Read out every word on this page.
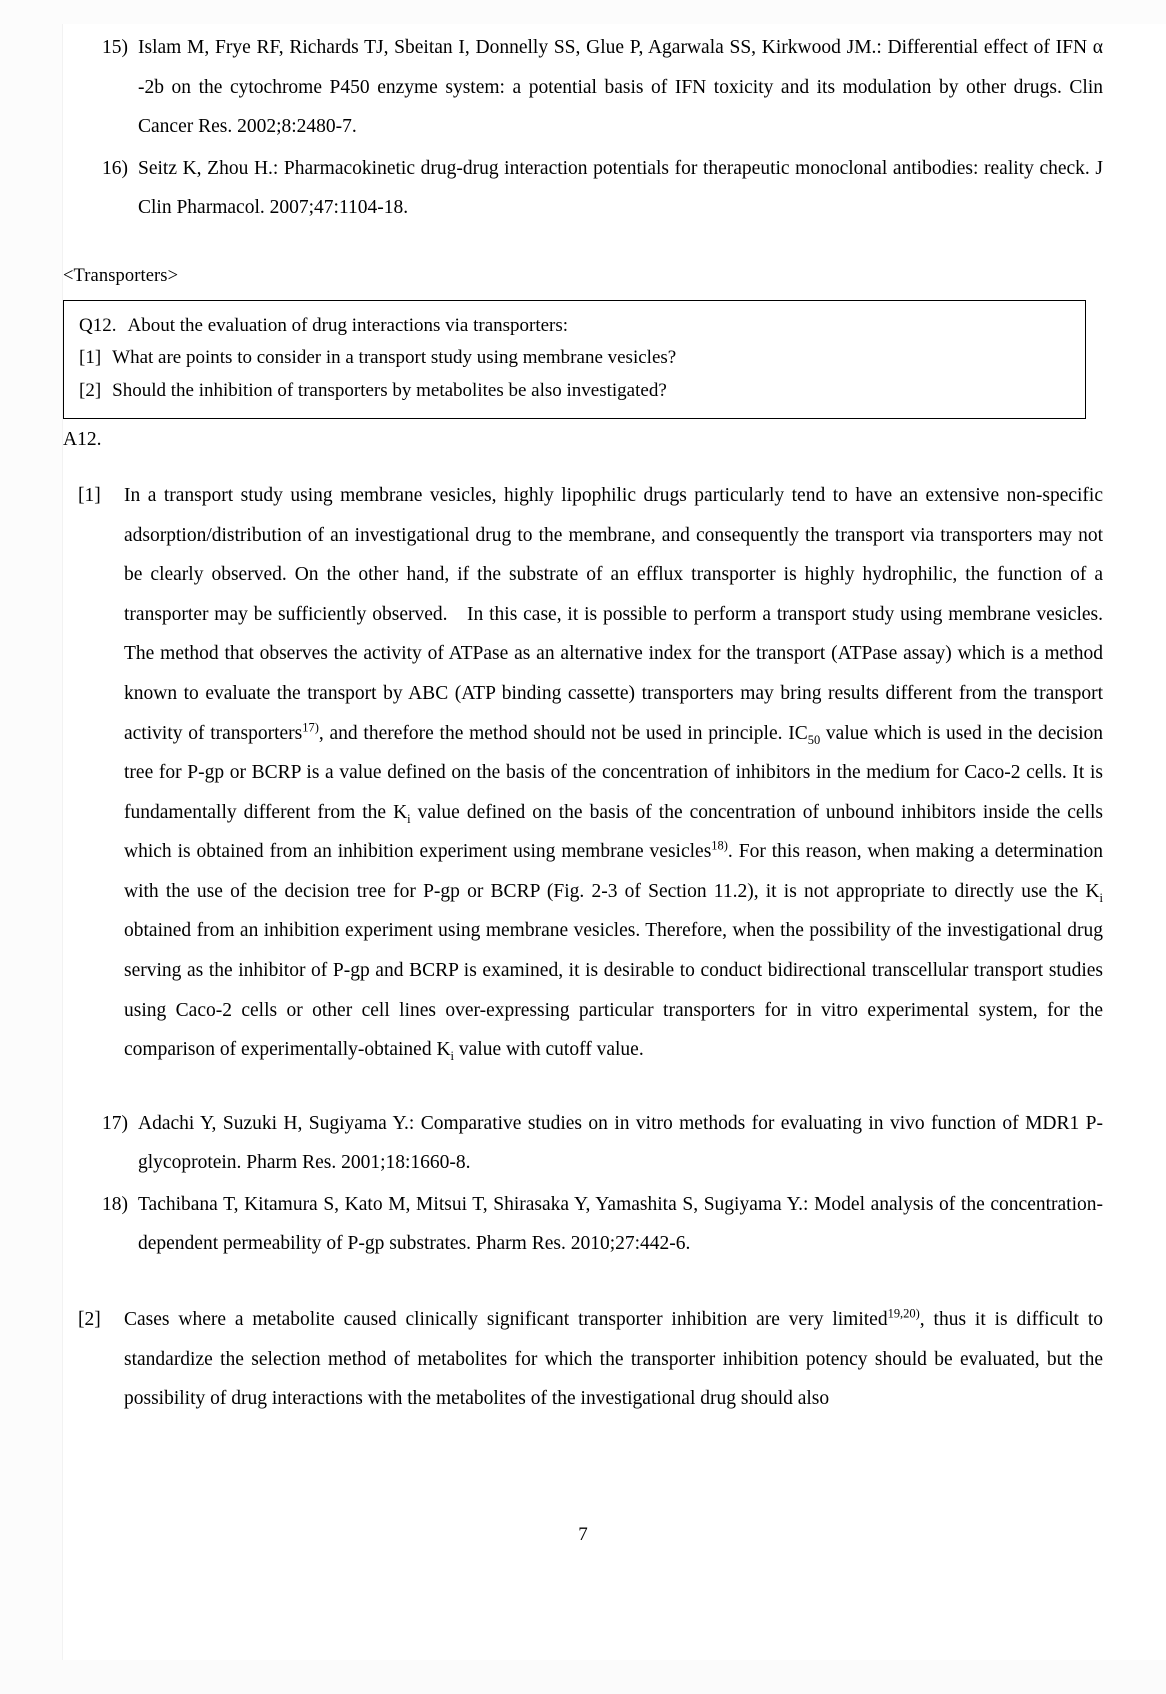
15) Islam M, Frye RF, Richards TJ, Sbeitan I, Donnelly SS, Glue P, Agarwala SS, Kirkwood JM.: Differential effect of IFN α -2b on the cytochrome P450 enzyme system: a potential basis of IFN toxicity and its modulation by other drugs. Clin Cancer Res. 2002;8:2480-7.
16) Seitz K, Zhou H.: Pharmacokinetic drug-drug interaction potentials for therapeutic monoclonal antibodies: reality check. J Clin Pharmacol. 2007;47:1104-18.
<Transporters>
Q12. About the evaluation of drug interactions via transporters:
[1] What are points to consider in a transport study using membrane vesicles?
[2] Should the inhibition of transporters by metabolites be also investigated?
A12.
[1]	In a transport study using membrane vesicles, highly lipophilic drugs particularly tend to have an extensive non-specific adsorption/distribution of an investigational drug to the membrane, and consequently the transport via transporters may not be clearly observed. On the other hand, if the substrate of an efflux transporter is highly hydrophilic, the function of a transporter may be sufficiently observed. In this case, it is possible to perform a transport study using membrane vesicles. The method that observes the activity of ATPase as an alternative index for the transport (ATPase assay) which is a method known to evaluate the transport by ABC (ATP binding cassette) transporters may bring results different from the transport activity of transporters$^{17)}$, and therefore the method should not be used in principle. $IC_{50}$ value which is used in the decision tree for P-gp or BCRP is a value defined on the basis of the concentration of inhibitors in the medium for Caco-2 cells. It is fundamentally different from the $K_i$ value defined on the basis of the concentration of unbound inhibitors inside the cells which is obtained from an inhibition experiment using membrane vesicles$^{18)}$. For this reason, when making a determination with the use of the decision tree for P-gp or BCRP (Fig. 2-3 of Section 11.2), it is not appropriate to directly use the $K_i$ obtained from an inhibition experiment using membrane vesicles. Therefore, when the possibility of the investigational drug serving as the inhibitor of P-gp and BCRP is examined, it is desirable to conduct bidirectional transcellular transport studies using Caco-2 cells or other cell lines over-expressing particular transporters for in vitro experimental system, for the comparison of experimentally-obtained $K_i$ value with cutoff value.
17) Adachi Y, Suzuki H, Sugiyama Y.: Comparative studies on in vitro methods for evaluating in vivo function of MDR1 P-glycoprotein. Pharm Res. 2001;18:1660-8.
18) Tachibana T, Kitamura S, Kato M, Mitsui T, Shirasaka Y, Yamashita S, Sugiyama Y.: Model analysis of the concentration-dependent permeability of P-gp substrates. Pharm Res. 2010;27:442-6.
[2]	Cases where a metabolite caused clinically significant transporter inhibition are very limited$^{19,20)}$, thus it is difficult to standardize the selection method of metabolites for which the transporter inhibition potency should be evaluated, but the possibility of drug interactions with the metabolites of the investigational drug should also
7
